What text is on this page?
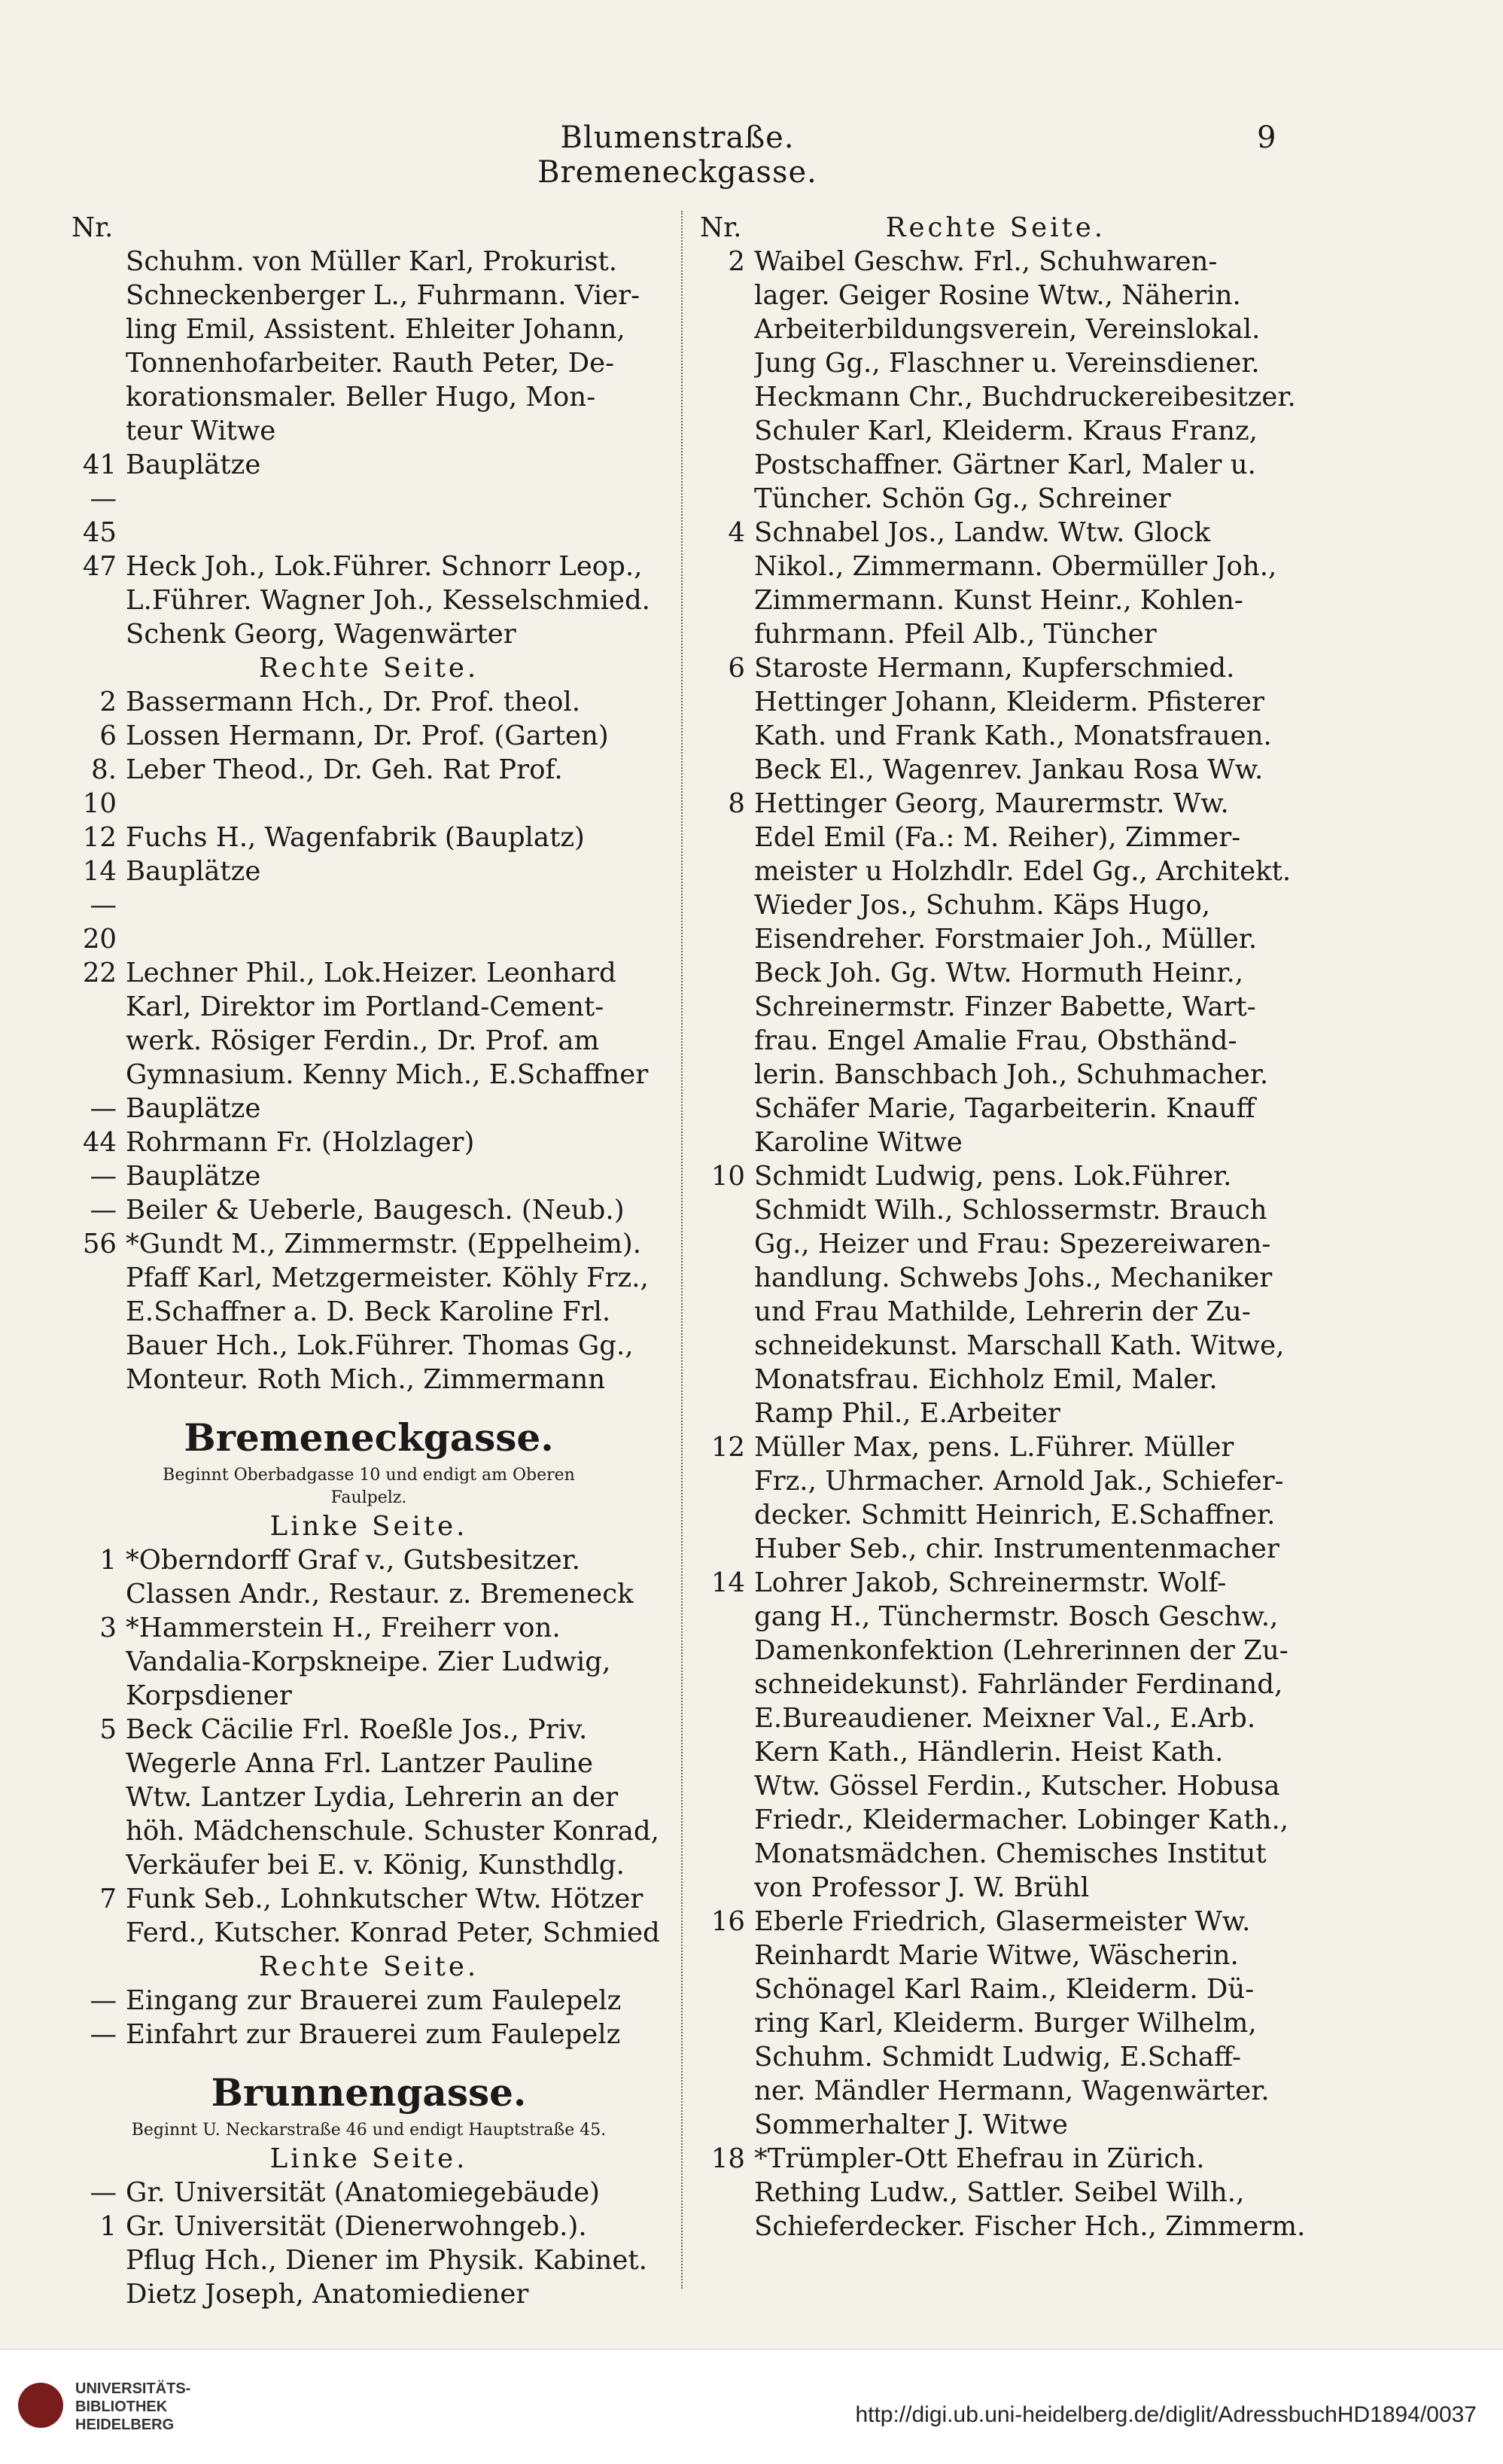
Blumenstraße. Bremeneckgasse.
9
Nr.
Schuhm. von Müller Karl, Prokurist.
Schneckenberger L., Fuhrmann. Vier-
ling Emil, Assistent. Ehleiter Johann,
Tonnenhofarbeiter. Rauth Peter, De-
korationsmaler. Beller Hugo, Mon-
teur Witwe
41—45
Bauplätze
47 Heck Joh., Lok.Führer. Schnorr Leop.,
L.Führer. Wagner Joh., Kesselschmied.
Schenk Georg, Wagenwärter
Rechte Seite.
2 Bassermann Hch., Dr. Prof. theol.
6 Lossen Hermann, Dr. Prof. (Garten)
8. 10
Leber Theod., Dr. Geh. Rat Prof.
12 Fuchs H., Wagenfabrik (Bauplatz)
14—20
Bauplätze
22 Lechner Phil., Lok.Heizer. Leonhard
Karl, Direktor im Portland-Cement-
werk. Rösiger Ferdin., Dr. Prof. am
Gymnasium. Kenny Mich., E.Schaffner
— Bauplätze
44 Rohrmann Fr. (Holzlager)
— Bauplätze
— Beiler & Ueberle, Baugesch. (Neub.)
56 *Gundt M., Zimmermstr. (Eppelheim).
Pfaff Karl, Metzgermeister. Köhly Frz.,
E.Schaffner a. D. Beck Karoline Frl.
Bauer Hch., Lok.Führer. Thomas Gg.,
Monteur. Roth Mich., Zimmermann
Bremeneckgasse.
Beginnt Oberbadgasse 10 und endigt am Oberen
Faulpelz.
Linke Seite.
1 *Oberndorff Graf v., Gutsbesitzer.
Classen Andr., Restaur. z. Bremeneck
3 *Hammerstein H., Freiherr von.
Vandalia-Korpskneipe. Zier Ludwig,
Korpsdiener
5 Beck Cäcilie Frl. Roeßle Jos., Priv.
Wegerle Anna Frl. Lantzer Pauline
Wtw. Lantzer Lydia, Lehrerin an der
höh. Mädchenschule. Schuster Konrad,
Verkäufer bei E. v. König, Kunsthdlg.
7 Funk Seb., Lohnkutscher Wtw. Hötzer
Ferd., Kutscher. Konrad Peter, Schmied
Rechte Seite.
— Eingang zur Brauerei zum Faulepelz
— Einfahrt zur Brauerei zum Faulepelz
Brunnengasse.
Beginnt U. Neckarstraße 46 und endigt Hauptstraße 45.
Linke Seite.
— Gr. Universität (Anatomiegebäude)
1 Gr. Universität (Dienerwohngeb.).
Pflug Hch., Diener im Physik. Kabinet.
Dietz Joseph, Anatomiediener
Nr.	Rechte Seite.
2 Waibel Geschw. Frl., Schuhwaren-
lager. Geiger Rosine Wtw., Näherin.
Arbeiterbildungsverein, Vereinslokal.
Jung Gg., Flaschner u. Vereinsdiener.
Heckmann Chr., Buchdruckereibesitzer.
Schuler Karl, Kleiderm. Kraus Franz,
Postschaffner. Gärtner Karl, Maler u.
Tüncher. Schön Gg., Schreiner
4 Schnabel Jos., Landw. Wtw. Glock
Nikol., Zimmermann. Obermüller Joh.,
Zimmermann. Kunst Heinr., Kohlen-
fuhrmann. Pfeil Alb., Tüncher
6 Staroste Hermann, Kupferschmied.
Hettinger Johann, Kleiderm. Pfisterer
Kath. und Frank Kath., Monatsfrauen.
Beck El., Wagenrev. Jankau Rosa Ww.
8 Hettinger Georg, Maurermstr. Ww.
Edel Emil (Fa.: M. Reiher), Zimmer-
meister u Holzhdlr. Edel Gg., Architekt.
Wieder Jos., Schuhm. Käps Hugo,
Eisendreher. Forstmaier Joh., Müller.
Beck Joh. Gg. Wtw. Hormuth Heinr.,
Schreinermstr. Finzer Babette, Wart-
frau. Engel Amalie Frau, Obsthänd-
lerin. Banschbach Joh., Schuhmacher.
Schäfer Marie, Tagarbeiterin. Knauff
Karoline Witwe
10 Schmidt Ludwig, pens. Lok.Führer.
Schmidt Wilh., Schlossermstr. Brauch
Gg., Heizer und Frau: Spezereiwaren-
handlung. Schwebs Johs., Mechaniker
und Frau Mathilde, Lehrerin der Zu-
schneidekunst. Marschall Kath. Witwe,
Monatsfrau. Eichholz Emil, Maler.
Ramp Phil., E.Arbeiter
12 Müller Max, pens. L.Führer. Müller
Frz., Uhrmacher. Arnold Jak., Schiefer-
decker. Schmitt Heinrich, E.Schaffner.
Huber Seb., chir. Instrumentenmacher
14 Lohrer Jakob, Schreinermstr. Wolf-
gang H., Tünchermstr. Bosch Geschw.,
Damenkonfektion (Lehrerinnen der Zu-
schneidekunst). Fahrländer Ferdinand,
E.Bureaudiener. Meixner Val., E.Arb.
Kern Kath., Händlerin. Heist Kath.
Wtw. Gössel Ferdin., Kutscher. Hobusa
Friedr., Kleidermacher. Lobinger Kath.,
Monatsmädchen. Chemisches Institut
von Professor J. W. Brühl
16 Eberle Friedrich, Glasermeister Ww.
Reinhardt Marie Witwe, Wäscherin.
Schönagel Karl Raim., Kleiderm. Dü-
ring Karl, Kleiderm. Burger Wilhelm,
Schuhm. Schmidt Ludwig, E.Schaff-
ner. Mändler Hermann, Wagenwärter.
Sommerhalter J. Witwe
18 *Trümpler-Ott Ehefrau in Zürich.
Rething Ludw., Sattler. Seibel Wilh.,
Schieferdecker. Fischer Hch., Zimmerm.
UNIVERSITÄTS-
BIBLIOTHEK
HEIDELBERG	http://digi.ub.uni-heidelberg.de/diglit/AdressbuchHD1894/0037
